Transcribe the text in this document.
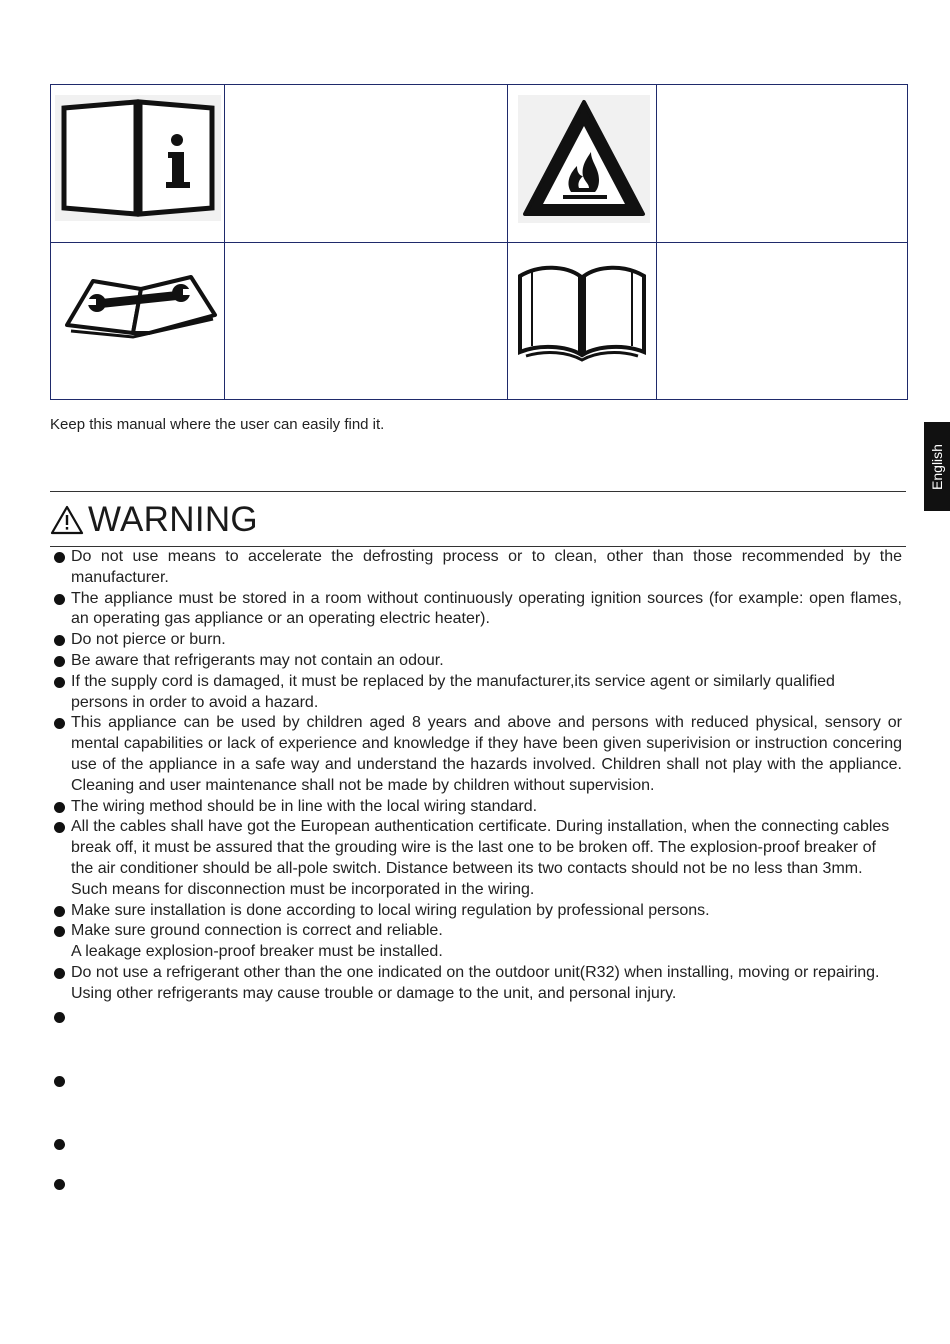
Keep this manual where the user can easily find it.
English
WARNING
Do not use means to accelerate the defrosting process or to clean, other than those recommended by the manufacturer.
The appliance must be stored in a room without continuously operating ignition sources (for example: open flames, an operating gas appliance or an operating electric heater).
Do not pierce or burn.
Be aware that refrigerants may not contain an odour.
If the supply cord is damaged, it must be replaced by the manufacturer,its service agent or similarly qualified persons in order to avoid a hazard.
This appliance can be used by children aged 8 years and above and persons with reduced physical, sensory or mental capabilities or lack of experience and knowledge if they have been given superivision or instruction concering use of the appliance in a safe way and understand the hazards involved. Children shall not play with the appliance. Cleaning and user maintenance shall not be made by children without supervision.
The wiring method should be in line with the local wiring standard.
All the cables shall have got the European authentication certificate. During installation, when the connecting cables break off, it must be assured that the grouding wire is the last one to be broken off. The explosion-proof breaker of the air conditioner should be all-pole switch. Distance between its two contacts should not be no less than 3mm. Such means for disconnection must be incorporated in the wiring.
Make sure installation is done according to local wiring regulation by professional persons.
Make sure ground connection is correct and reliable.
A leakage explosion-proof breaker must be installed.
Do not use a refrigerant other than the one indicated on the outdoor unit(R32) when installing, moving or repairing. Using other refrigerants may cause trouble or damage to the unit, and personal injury.
